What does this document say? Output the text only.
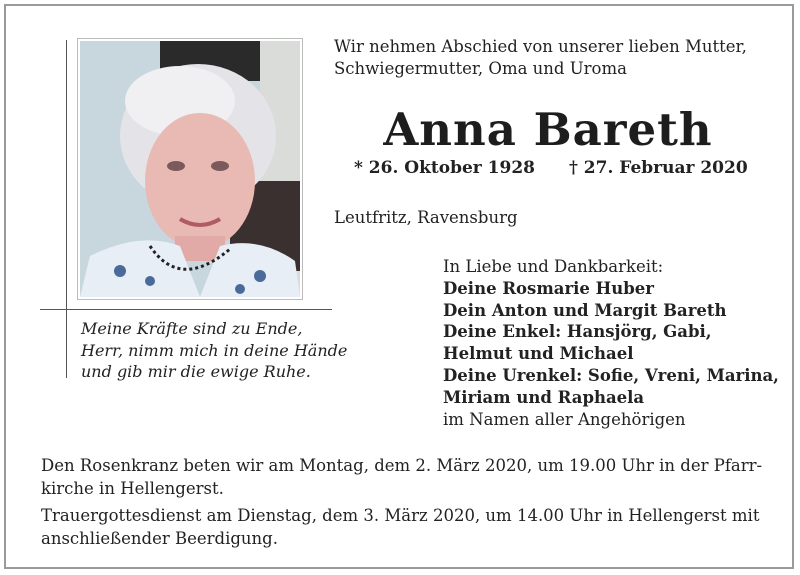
Wir nehmen Abschied von unserer lieben Mutter,
Schwiegermutter, Oma und Uroma
Anna Bareth
* 26. Oktober 1928 † 27. Februar 2020
Leutfritz, Ravensburg
In Liebe und Dankbarkeit:
Deine Rosmarie Huber
Dein Anton und Margit Bareth
Deine Enkel: Hansjörg, Gabi,
Helmut und Michael
Deine Urenkel: Sofie, Vreni, Marina,
Miriam und Raphaela
im Namen aller Angehörigen
Meine Kräfte sind zu Ende,
Herr, nimm mich in deine Hände
und gib mir die ewige Ruhe.

Den Rosenkranz beten wir am Montag, dem 2. März 2020, um 19.00 Uhr in der Pfarr-
kirche in Hellengerst.

Trauergottesdienst am Dienstag, dem 3. März 2020, um 14.00 Uhr in Hellengerst mit
anschließender Beerdigung.
